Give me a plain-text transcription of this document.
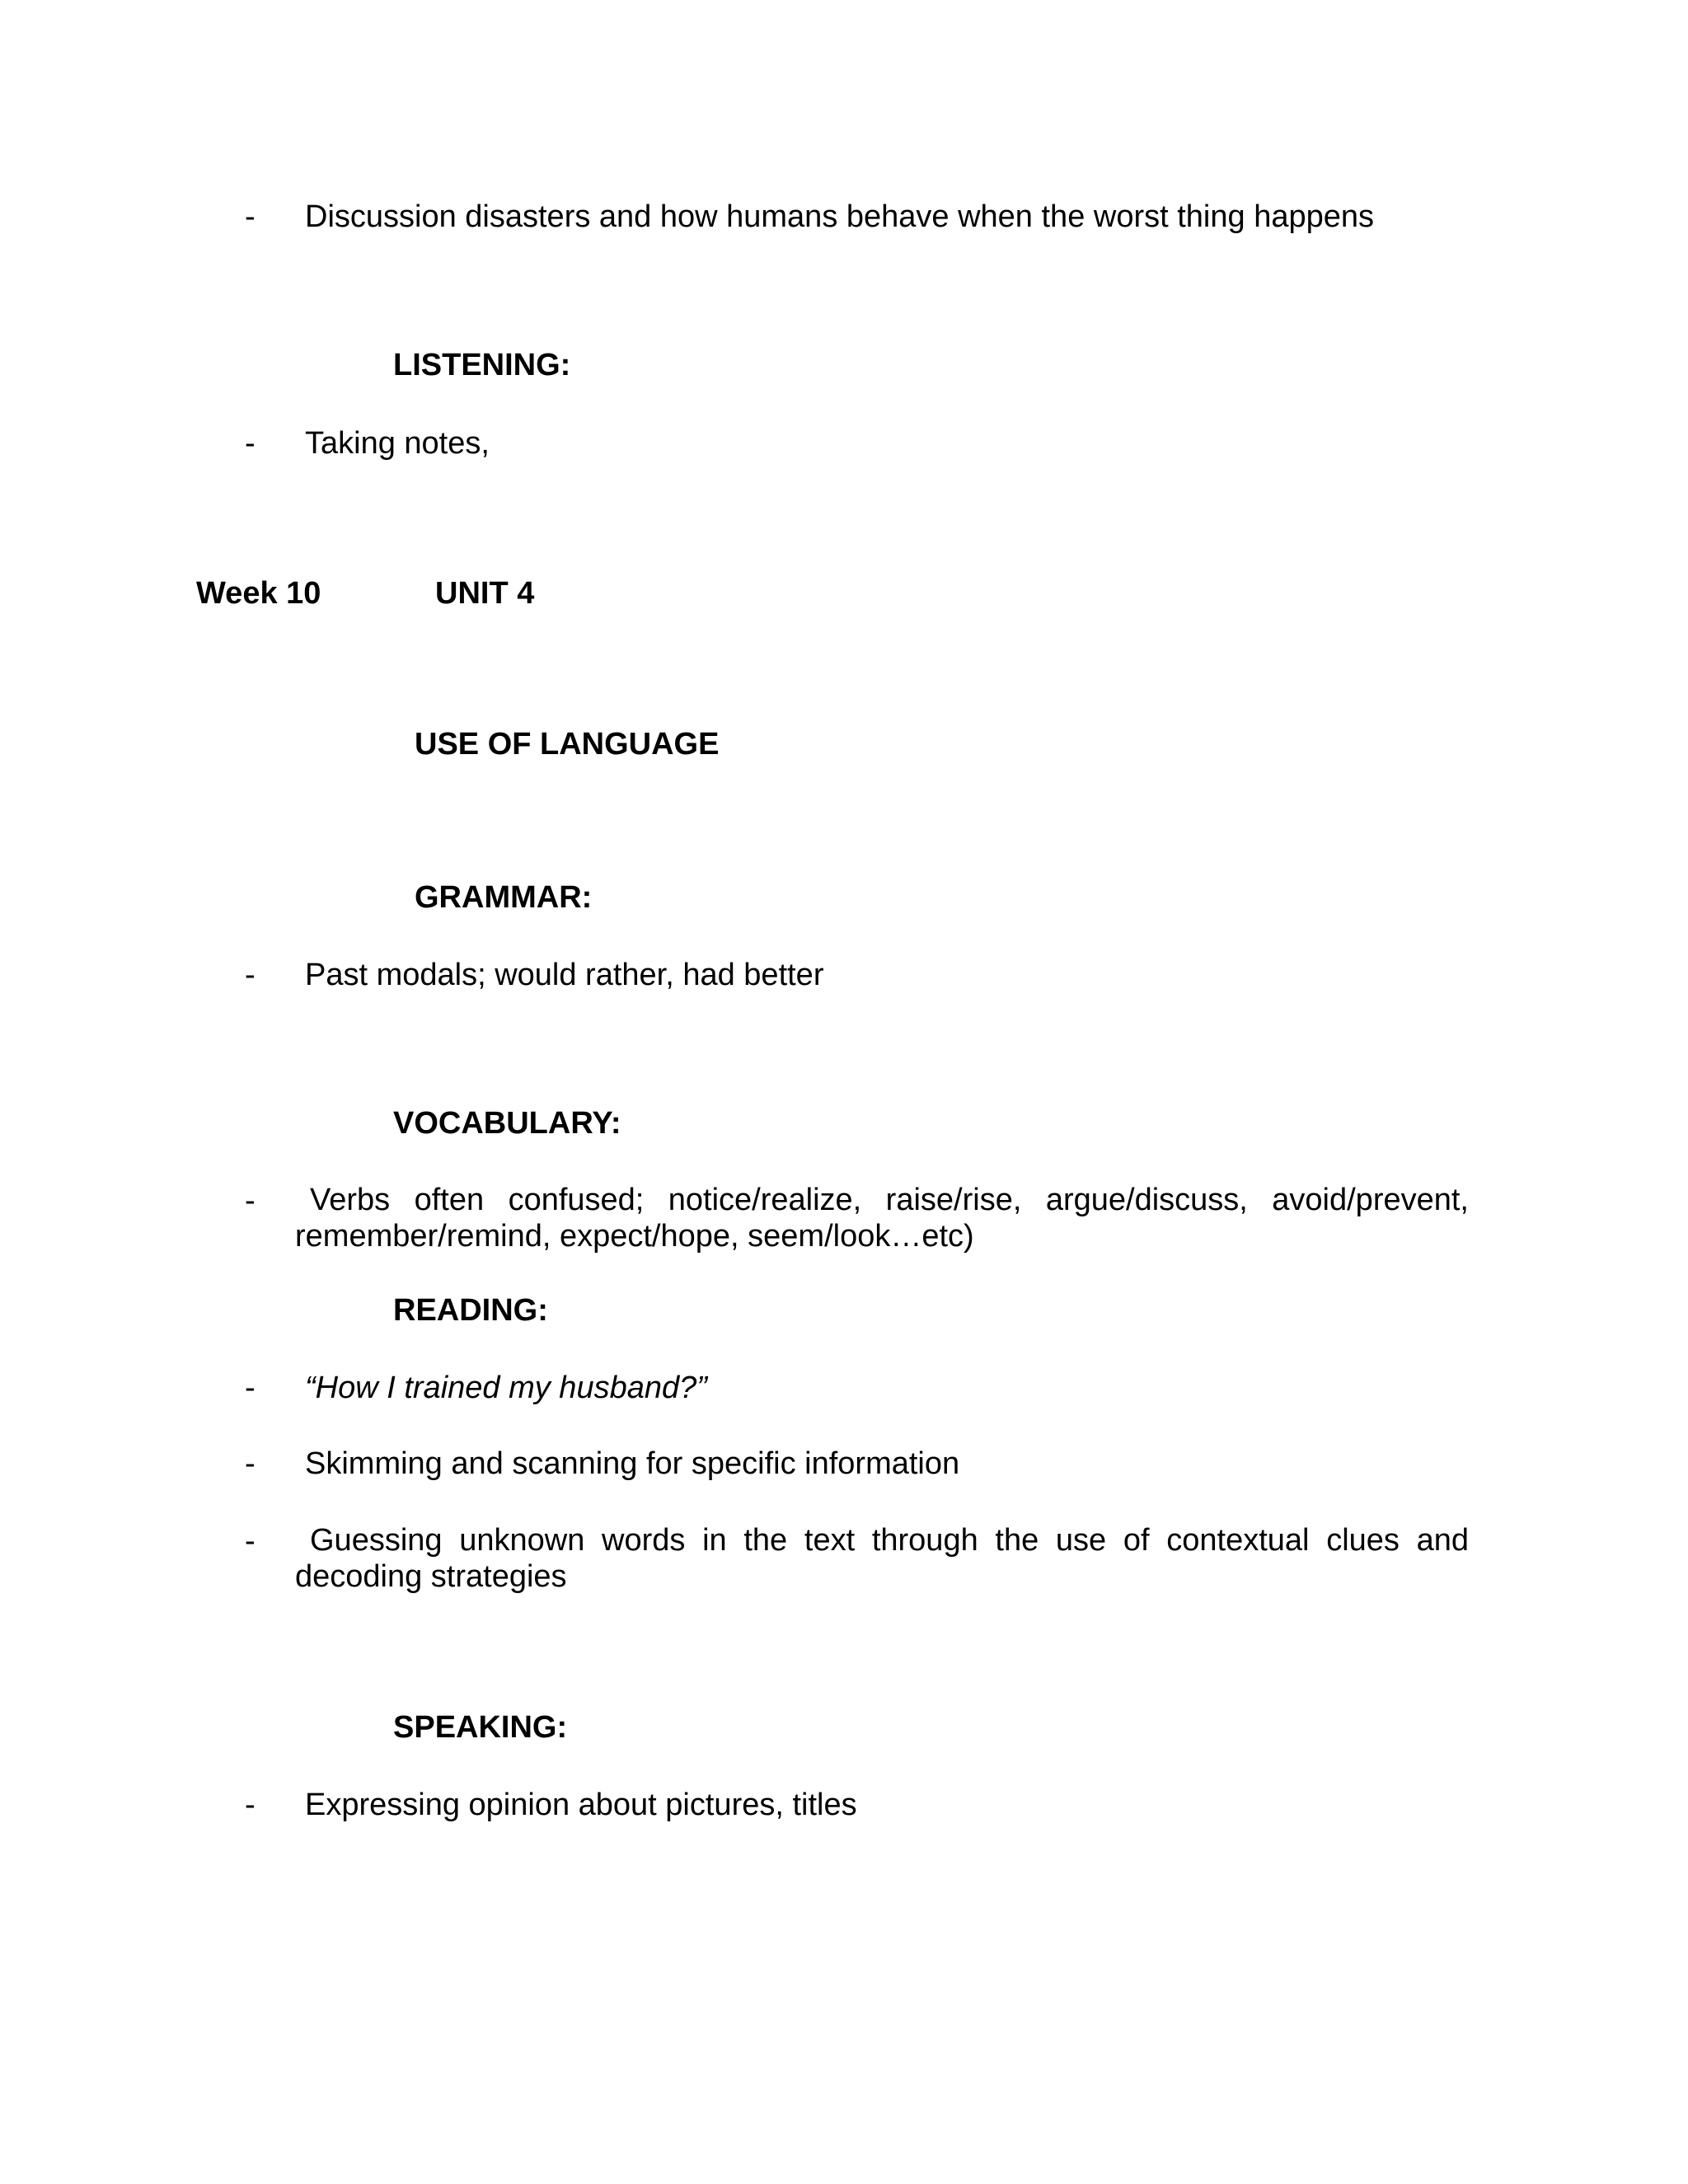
- Discussion disasters and how humans behave when the worst thing happens
LISTENING:
- Taking notes,
Week 10	UNIT 4
USE OF LANGUAGE
GRAMMAR:
- Past modals; would rather, had better
VOCABULARY:
-	Verbs often confused; notice/realize, raise/rise, argue/discuss, avoid/prevent,
remember/remind, expect/hope, seem/look…etc)
READING:
- “How I trained my husband?”
- Skimming and scanning for specific information
-	Guessing unknown words in the text through the use of contextual clues and
decoding strategies
SPEAKING:
- Expressing opinion about pictures, titles
